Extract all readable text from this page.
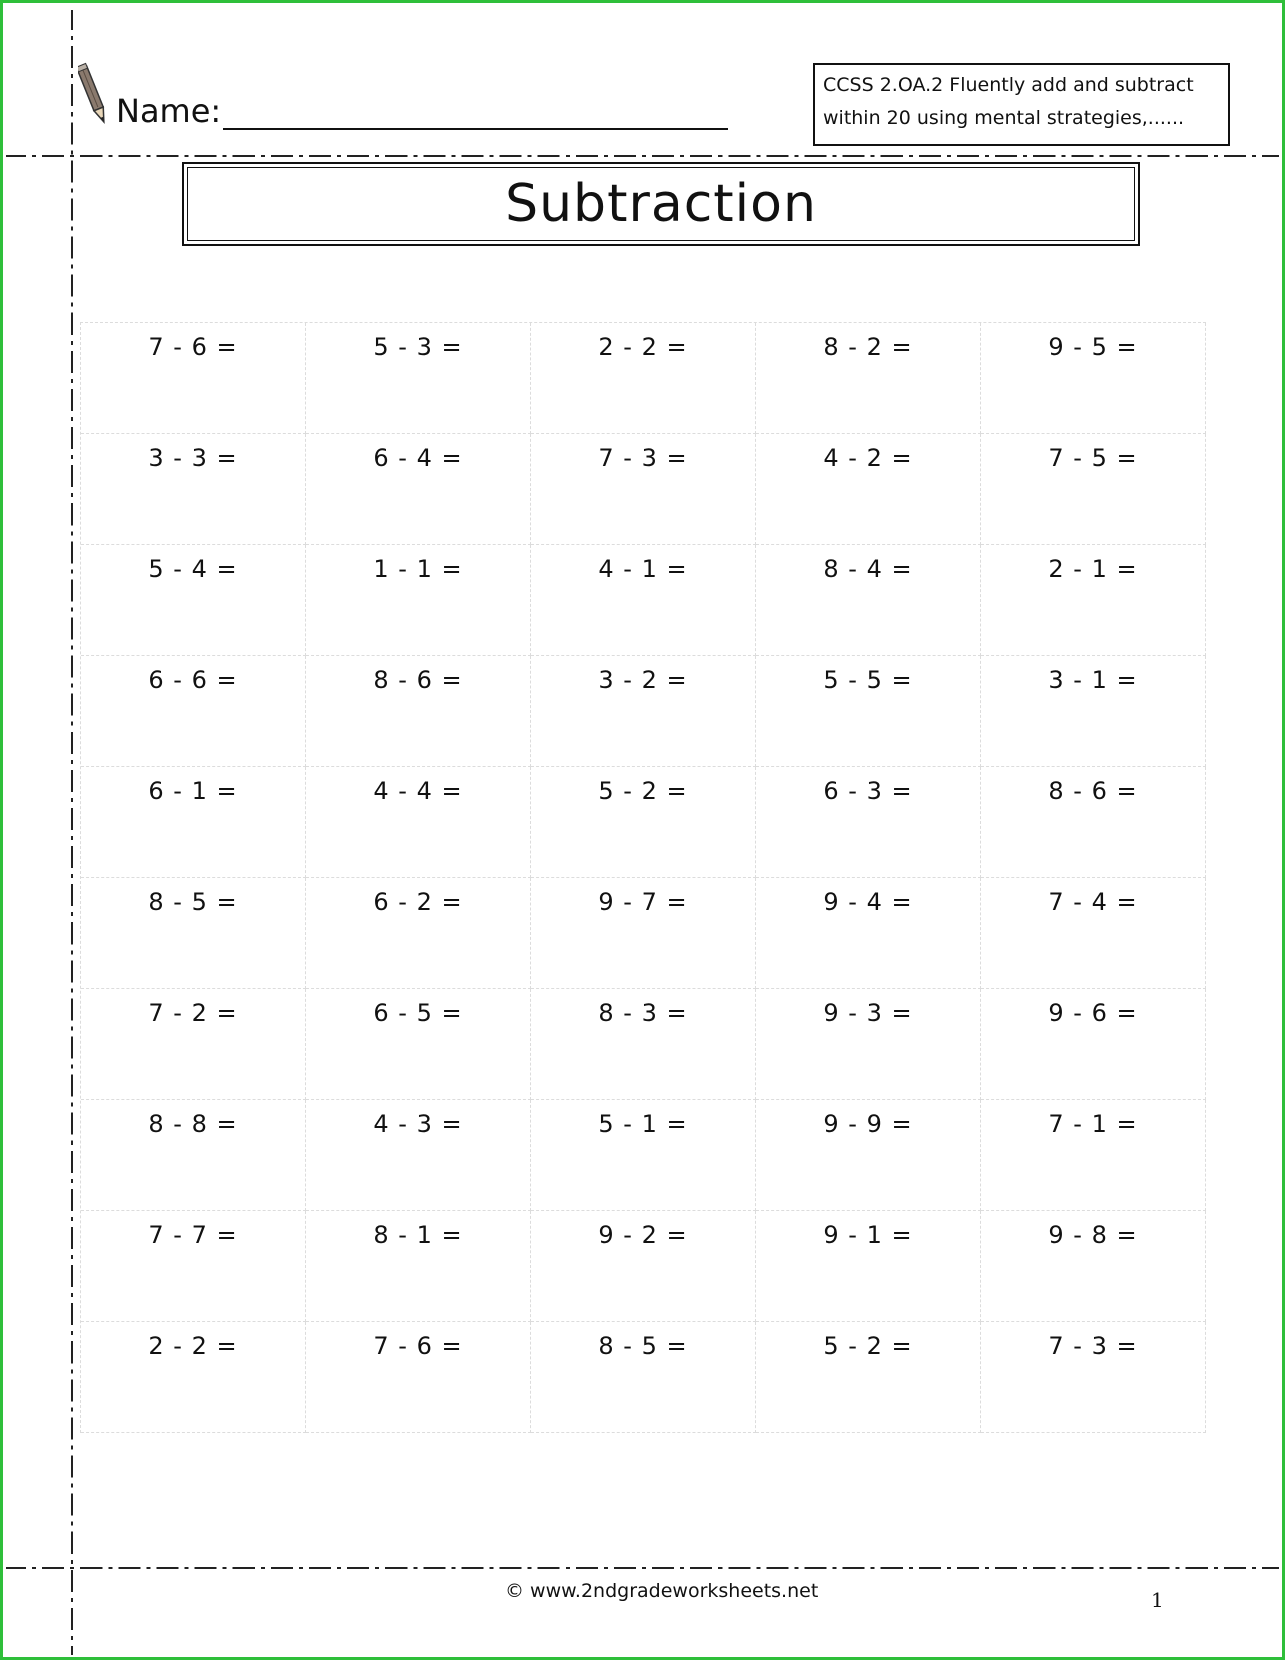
Name:
CCSS 2.OA.2 Fluently add and subtract within 20 using mental strategies,......
Subtraction
7 - 6 =	5 - 3 =	2 - 2 =	8 - 2 =	9 - 5 =
3 - 3 =	6 - 4 =	7 - 3 =	4 - 2 =	7 - 5 =
5 - 4 =	1 - 1 =	4 - 1 =	8 - 4 =	2 - 1 =
6 - 6 =	8 - 6 =	3 - 2 =	5 - 5 =	3 - 1 =
6 - 1 =	4 - 4 =	5 - 2 =	6 - 3 =	8 - 6 =
8 - 5 =	6 - 2 =	9 - 7 =	9 - 4 =	7 - 4 =
7 - 2 =	6 - 5 =	8 - 3 =	9 - 3 =	9 - 6 =
8 - 8 =	4 - 3 =	5 - 1 =	9 - 9 =	7 - 1 =
7 - 7 =	8 - 1 =	9 - 2 =	9 - 1 =	9 - 8 =
2 - 2 =	7 - 6 =	8 - 5 =	5 - 2 =	7 - 3 =
© www.2ndgradeworksheets.net	1
